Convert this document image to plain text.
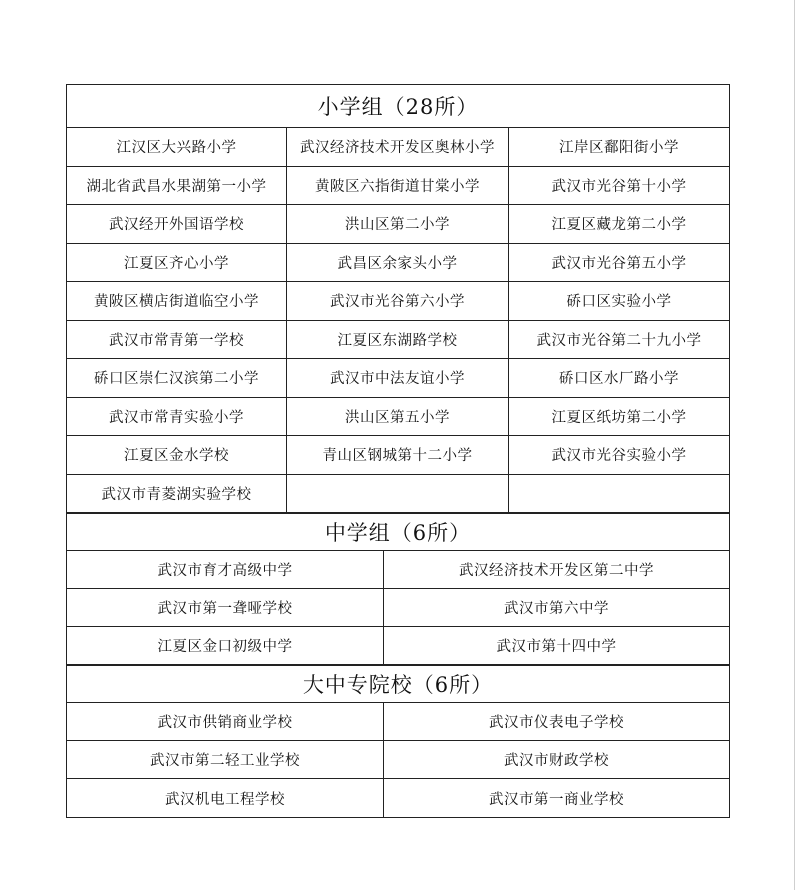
小学组（28所）
江汉区大兴路小学	武汉经济技术开发区奥林小学	江岸区鄱阳街小学
湖北省武昌水果湖第一小学	黄陂区六指街道甘棠小学	武汉市光谷第十小学
武汉经开外国语学校	洪山区第二小学	江夏区藏龙第二小学
江夏区齐心小学	武昌区余家头小学	武汉市光谷第五小学
黄陂区横店街道临空小学	武汉市光谷第六小学	硚口区实验小学
武汉市常青第一学校	江夏区东湖路学校	武汉市光谷第二十九小学
硚口区崇仁汉滨第二小学	武汉市中法友谊小学	硚口区水厂路小学
武汉市常青实验小学	洪山区第五小学	江夏区纸坊第二小学
江夏区金水学校	青山区钢城第十二小学	武汉市光谷实验小学
武汉市青菱湖实验学校
中学组（6所）
武汉市育才高级中学	武汉经济技术开发区第二中学
武汉市第一聋哑学校	武汉市第六中学
江夏区金口初级中学	武汉市第十四中学
大中专院校（6所）
武汉市供销商业学校	武汉市仪表电子学校
武汉市第二轻工业学校	武汉市财政学校
武汉机电工程学校	武汉市第一商业学校
